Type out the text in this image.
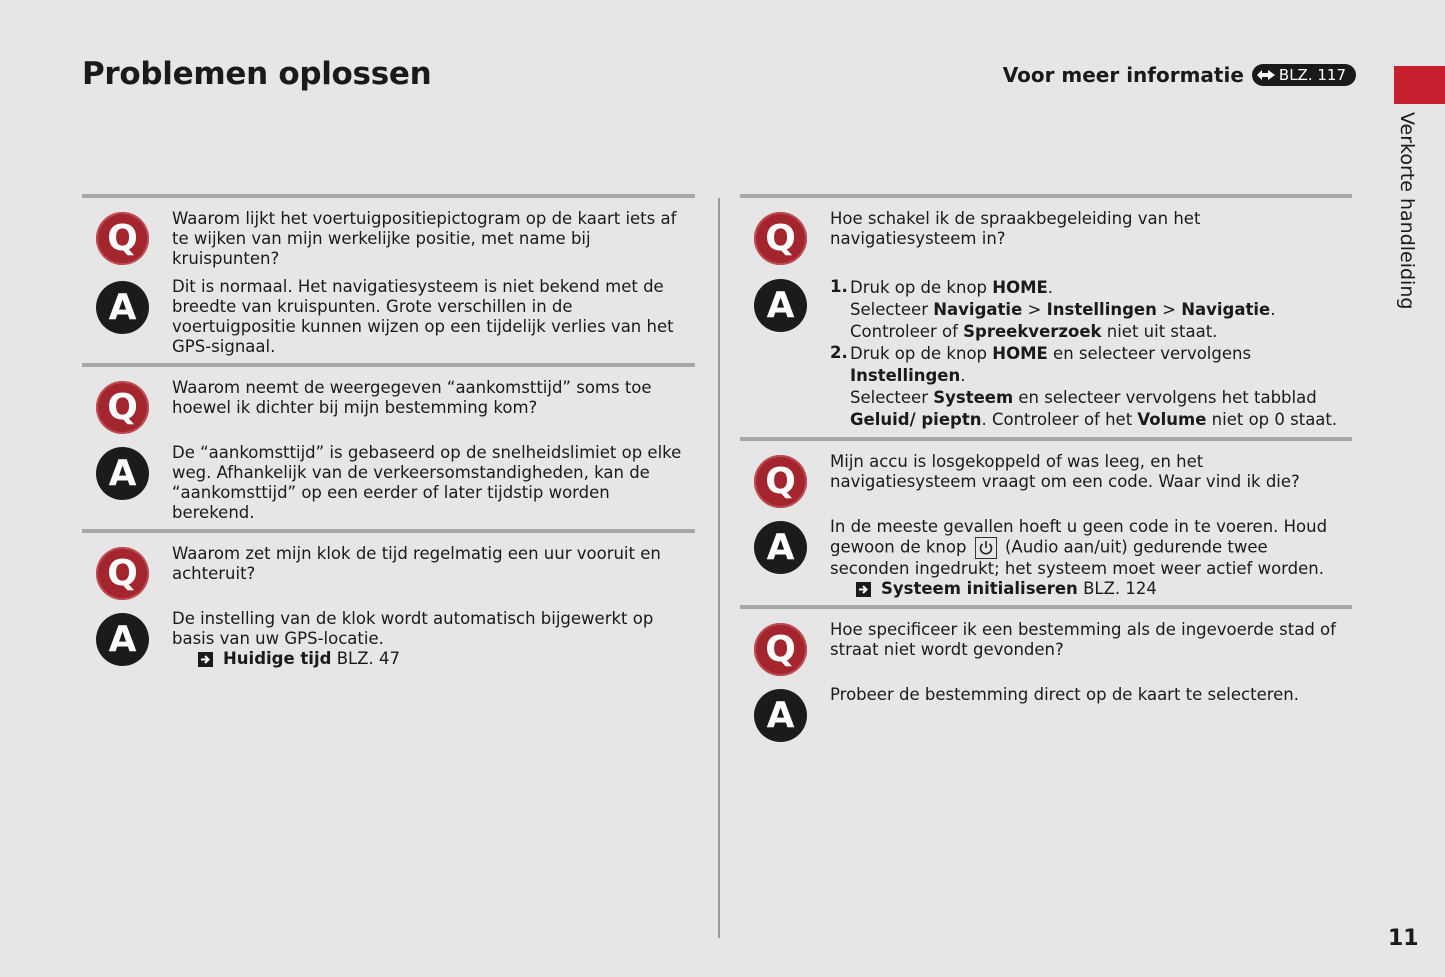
Problemen oplossen	Voor meer informatie BLZ. 117
Verkorte handleiding
Q	Waarom lijkt het voertuigpositiepictogram op de kaart iets af te wijken van mijn werkelijke positie, met name bij kruispunten?
A
Dit is normaal. Het navigatiesysteem is niet bekend met de breedte van kruispunten. Grote verschillen in de voertuigpositie kunnen wijzen op een tijdelijk verlies van het GPS-signaal.
Q	Waarom neemt de weergegeven “aankomsttijd” soms toe hoewel ik dichter bij mijn bestemming kom?
A
De “aankomsttijd” is gebaseerd op de snelheidslimiet op elke weg. Afhankelijk van de verkeersomstandigheden, kan de “aankomsttijd” op een eerder of later tijdstip worden berekend.
Q	Waarom zet mijn klok de tijd regelmatig een uur vooruit en achteruit?
A
De instelling van de klok wordt automatisch bijgewerkt op basis van uw GPS-locatie.
Huidige tijd
BLZ. 47
Q	Hoe schakel ik de spraakbegeleiding van het navigatiesysteem in?
A	1. Druk op de knop HOME.
Selecteer Navigatie > Instellingen > Navigatie.
Controleer of Spreekverzoek niet uit staat.
2. Druk op de knop HOME en selecteer vervolgens Instellingen.
Selecteer Systeem en selecteer vervolgens het tabblad Geluid/ pieptn. Controleer of het Volume niet op 0 staat.
Q	Mijn accu is losgekoppeld of was leeg, en het navigatiesysteem vraagt om een code. Waar vind ik die?
A
In de meeste gevallen hoeft u geen code in te voeren. Houd gewoon de knop  (Audio aan/uit) gedurende twee seconden ingedrukt; het systeem moet weer actief worden.
Systeem initialiseren
BLZ. 124
Q	Hoe specificeer ik een bestemming als de ingevoerde stad of straat niet wordt gevonden?
A
Probeer de bestemming direct op de kaart te selecteren.
11
